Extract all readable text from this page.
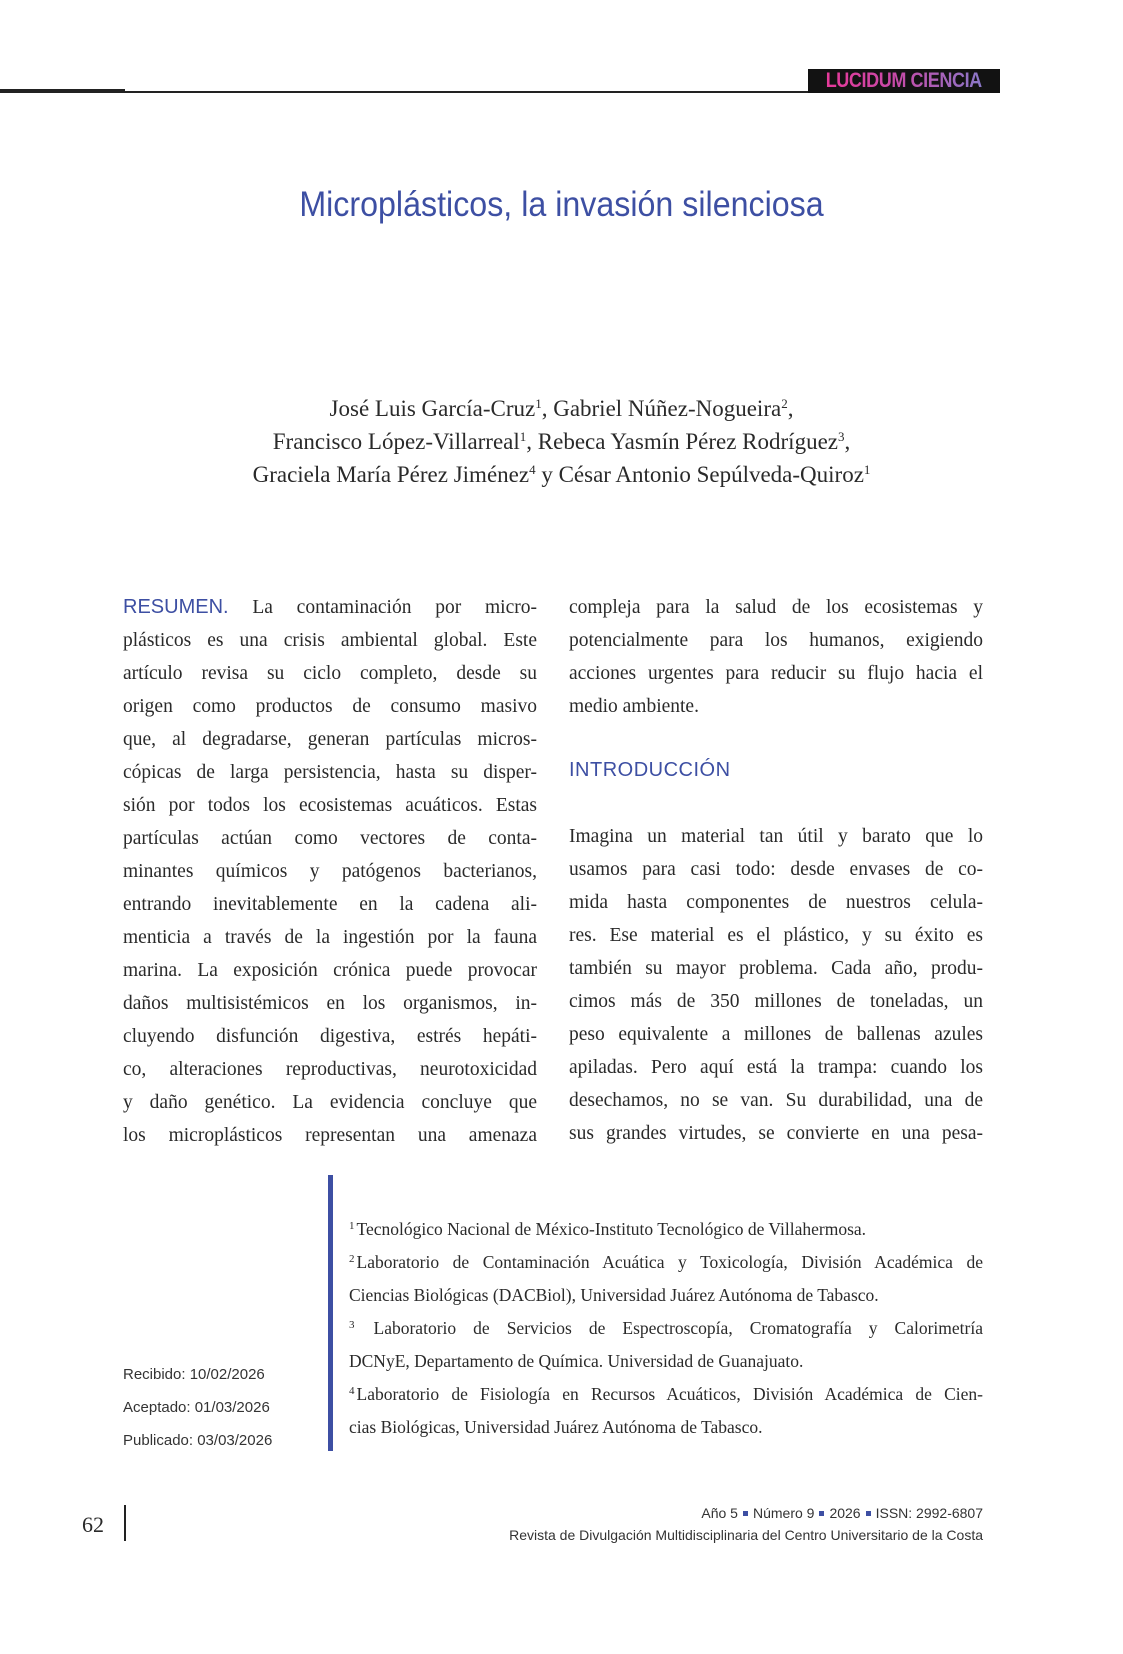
LUCIDUM CIENCIA
Microplásticos, la invasión silenciosa
José Luis García-Cruz$^1$, Gabriel Núñez-Nogueira$^2$,
Francisco López-Villarreal$^1$, Rebeca Yasmín Pérez Rodríguez$^3$,
Graciela María Pérez Jiménez$^4$ y César Antonio Sepúlveda-Quiroz$^1$
RESUMEN. La contaminación por micro-
plásticos es una crisis ambiental global. Este
artículo revisa su ciclo completo, desde su
origen como productos de consumo masivo
que, al degradarse, generan partículas micros-
cópicas de larga persistencia, hasta su disper-
sión por todos los ecosistemas acuáticos. Estas
partículas actúan como vectores de conta-
minantes químicos y patógenos bacterianos,
entrando inevitablemente en la cadena ali-
menticia a través de la ingestión por la fauna
marina. La exposición crónica puede provocar
daños multisistémicos en los organismos, in-
cluyendo disfunción digestiva, estrés hepáti-
co, alteraciones reproductivas, neurotoxicidad
y daño genético. La evidencia concluye que
los microplásticos representan una amenaza
compleja para la salud de los ecosistemas y
potencialmente para los humanos, exigiendo
acciones urgentes para reducir su flujo hacia el
medio ambiente.
INTRODUCCIÓN
Imagina un material tan útil y barato que lo
usamos para casi todo: desde envases de co-
mida hasta componentes de nuestros celula-
res. Ese material es el plástico, y su éxito es
también su mayor problema. Cada año, produ-
cimos más de 350 millones de toneladas, un
peso equivalente a millones de ballenas azules
apiladas. Pero aquí está la trampa: cuando los
desechamos, no se van. Su durabilidad, una de
sus grandes virtudes, se convierte en una pesa-
$^1$ Tecnológico Nacional de México-Instituto Tecnológico de Villahermosa.
$^2$ Laboratorio de Contaminación Acuática y Toxicología, División Académica de
Ciencias Biológicas (DACBiol), Universidad Juárez Autónoma de Tabasco.
$^3$ Laboratorio de Servicios de Espectroscopía, Cromatografía y Calorimetría
DCNyE, Departamento de Química. Universidad de Guanajuato.
$^4$ Laboratorio de Fisiología en Recursos Acuáticos, División Académica de Cien-
cias Biológicas, Universidad Juárez Autónoma de Tabasco.
Recibido: 10/02/2026
Aceptado: 01/03/2026
Publicado: 03/03/2026
62	Año 5 Número 9 2026 ISSN: 2992-6807
Revista de Divulgación Multidisciplinaria del Centro Universitario de la Costa
